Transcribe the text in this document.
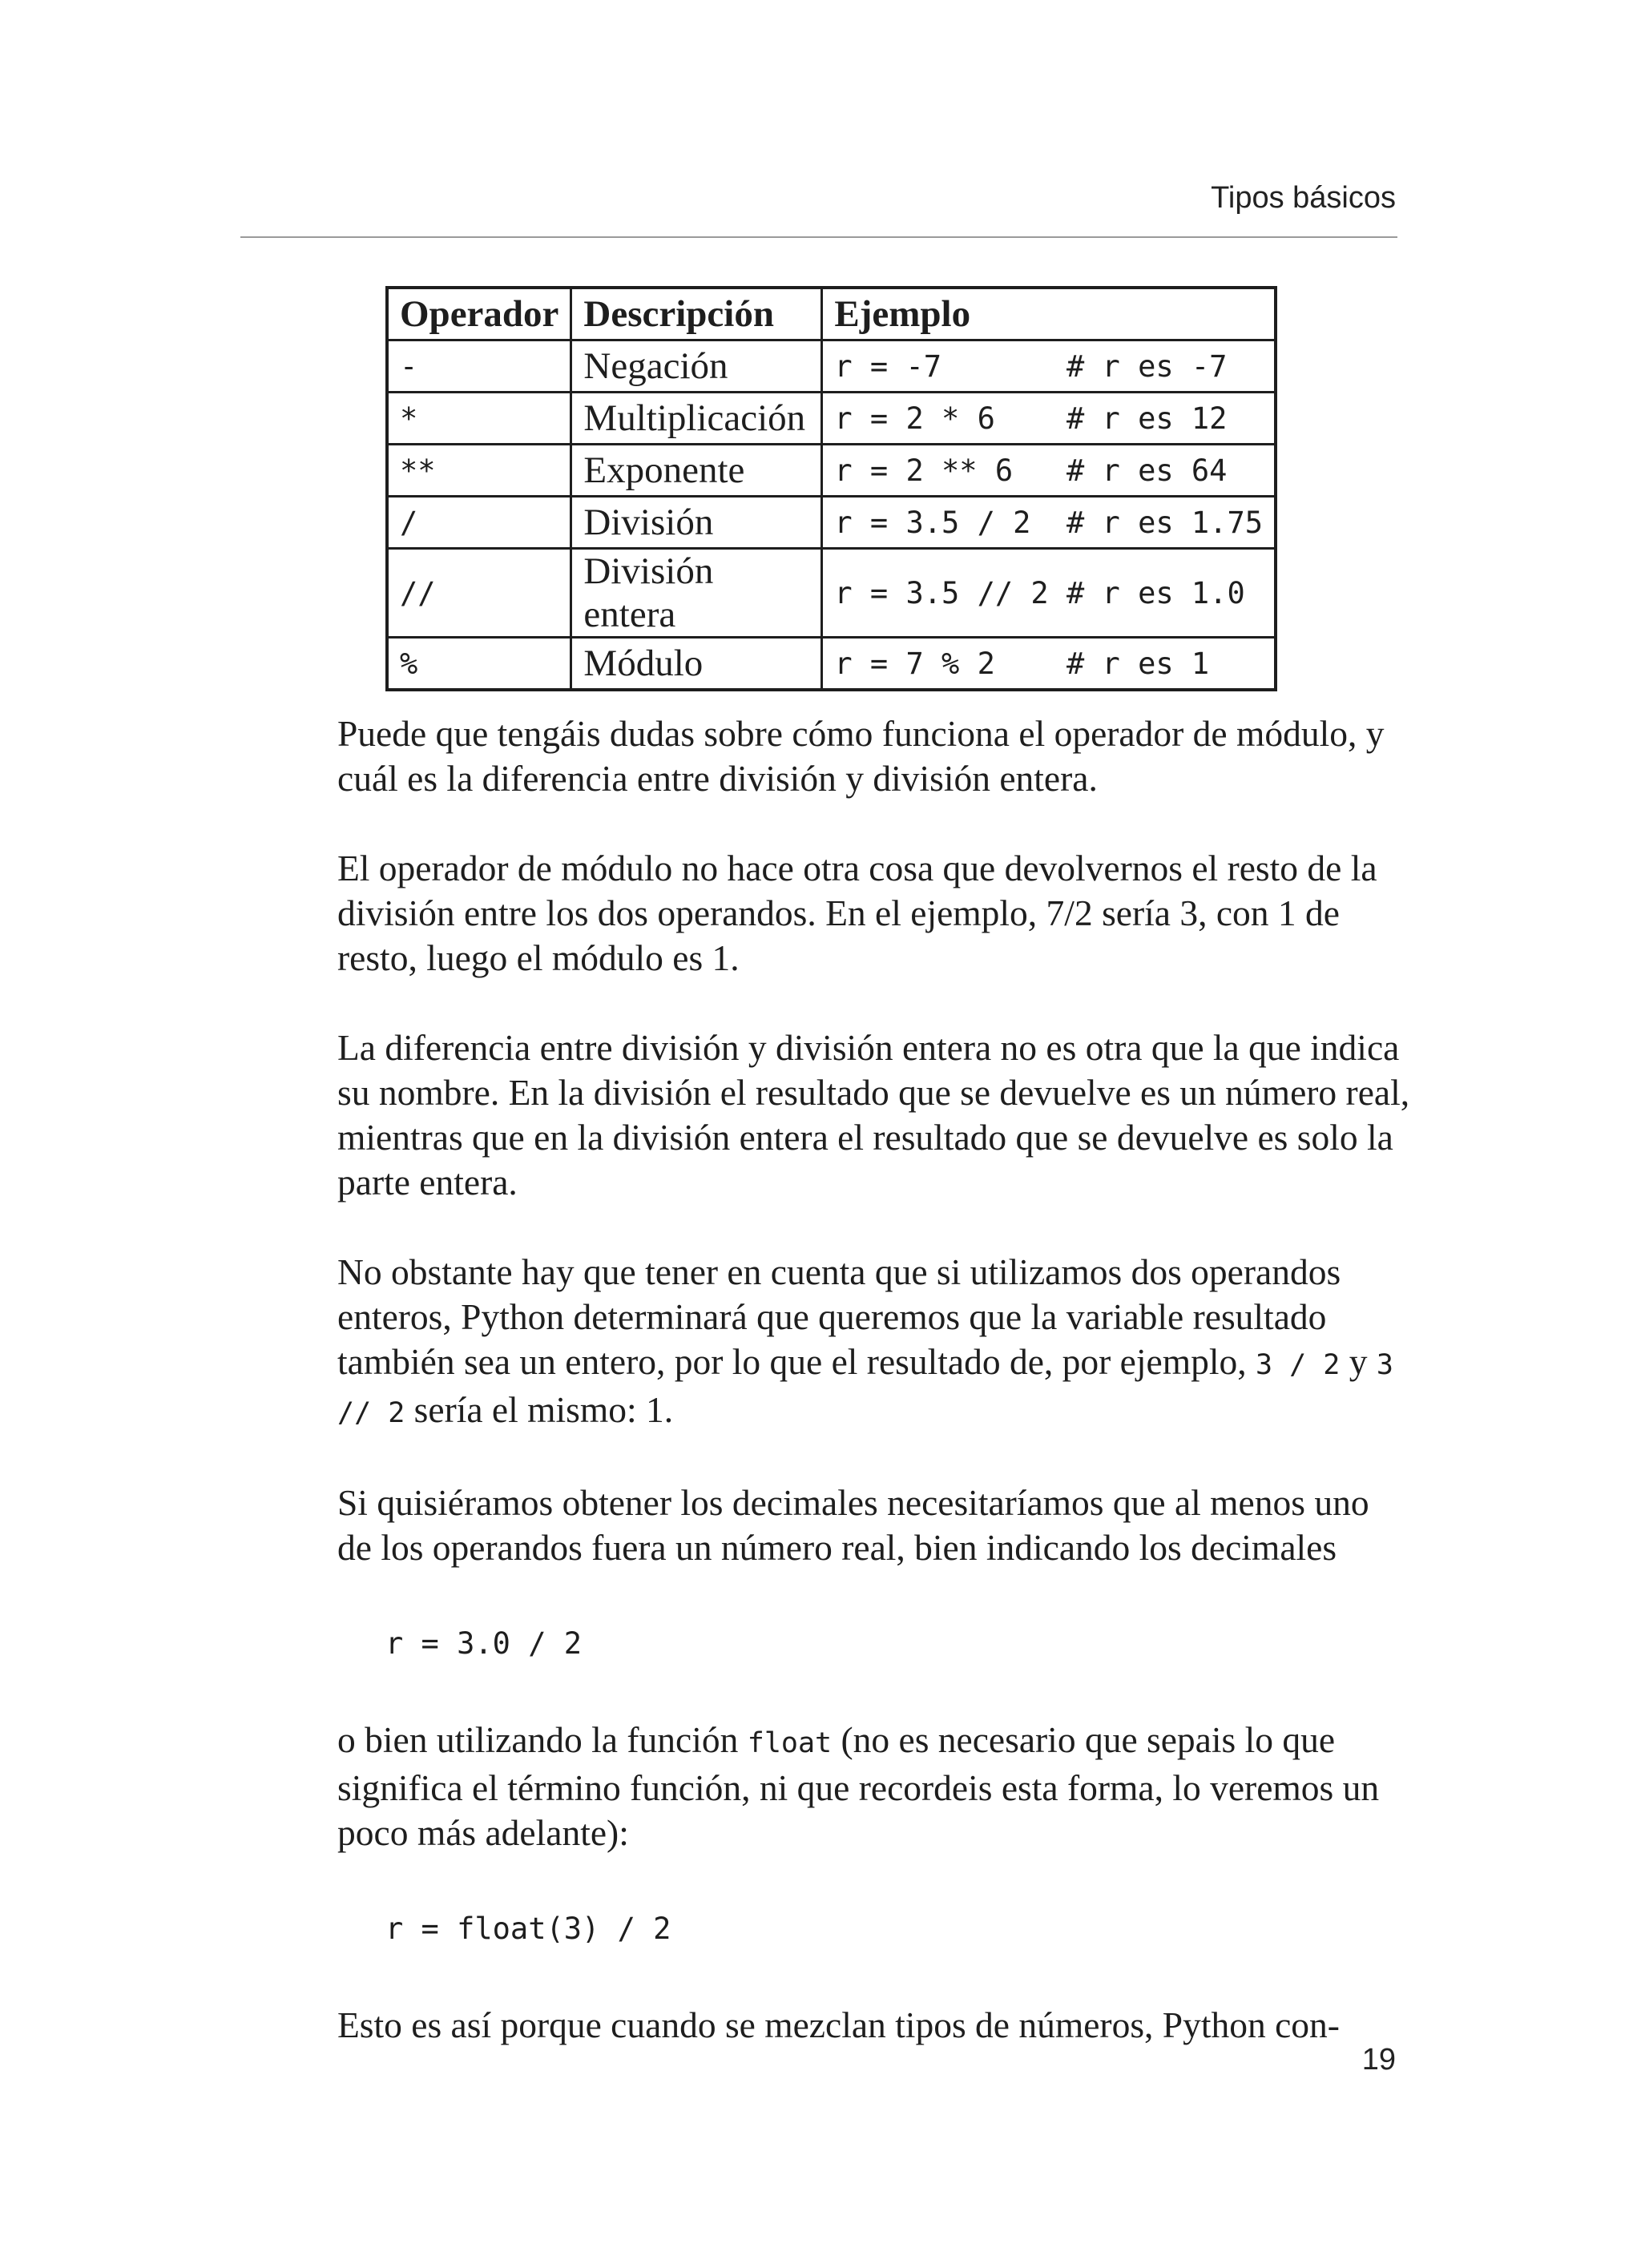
Tipos básicos
Operador	Descripción	Ejemplo
-	Negación	r = -7       # r es -7
*	Multiplicación	r = 2 * 6    # r es 12
**	Exponente	r = 2 ** 6   # r es 64
/	División	r = 3.5 / 2  # r es 1.75
//	División entera	r = 3.5 // 2 # r es 1.0
%	Módulo	r = 7 % 2    # r es 1

Puede que tengáis dudas sobre cómo funciona el operador de módulo, y cuál es la diferencia entre división y división entera.

El operador de módulo no hace otra cosa que devolvernos el resto de la división entre los dos operandos. En el ejemplo, 7/2 sería 3, con 1 de resto, luego el módulo es 1.

La diferencia entre división y división entera no es otra que la que indica su nombre. En la división el resultado que se devuelve es un número real, mientras que en la división entera el resultado que se devuelve es solo la parte entera.

No obstante hay que tener en cuenta que si utilizamos dos operandos enteros, Python determinará que queremos que la variable resultado también sea un entero, por lo que el resultado de, por ejemplo, 3 / 2 y 3 // 2 sería el mismo: 1.

Si quisiéramos obtener los decimales necesitaríamos que al menos uno de los operandos fuera un número real, bien indicando los decimales

r = 3.0 / 2

o bien utilizando la función float (no es necesario que sepais lo que significa el término función, ni que recordeis esta forma, lo veremos un poco más adelante):

r = float(3) / 2

Esto es así porque cuando se mezclan tipos de números, Python con-

19
